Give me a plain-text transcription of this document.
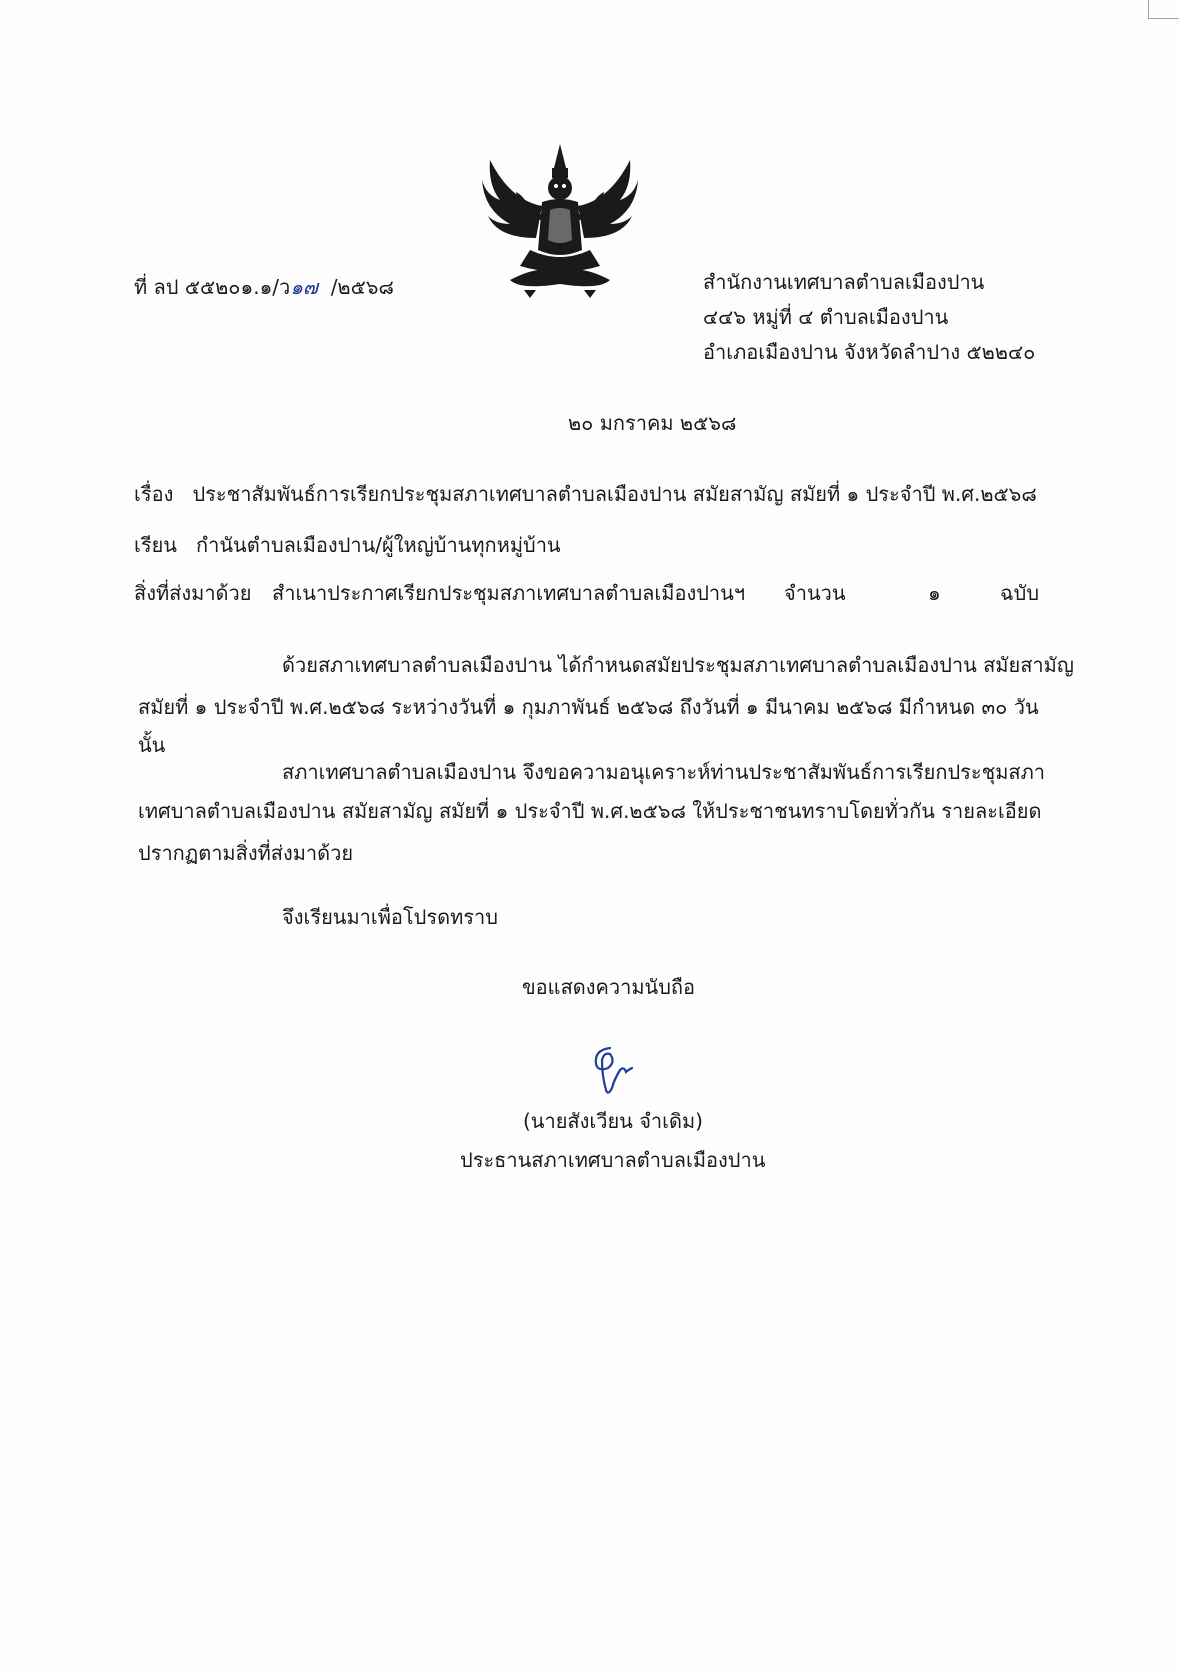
ที่ ลป ๕๕๒๐๑.๑/ว๑๗ /๒๕๖๘	สำนักงานเทศบาลตำบลเมืองปาน
๔๔๖ หมู่ที่ ๔ ตำบลเมืองปาน
อำเภอเมืองปาน จังหวัดลำปาง ๕๒๒๔๐
๒๐ มกราคม ๒๕๖๘
เรื่อง ประชาสัมพันธ์การเรียกประชุมสภาเทศบาลตำบลเมืองปาน สมัยสามัญ สมัยที่ ๑ ประจำปี พ.ศ.๒๕๖๘
เรียน กำนันตำบลเมืองปาน/ผู้ใหญ่บ้านทุกหมู่บ้าน
สิ่งที่ส่งมาด้วย สำเนาประกาศเรียกประชุมสภาเทศบาลตำบลเมืองปานฯ จำนวน	๑	ฉบับ
ด้วยสภาเทศบาลตำบลเมืองปาน ได้กำหนดสมัยประชุมสภาเทศบาลตำบลเมืองปาน สมัยสามัญ
สมัยที่ ๑ ประจำปี พ.ศ.๒๕๖๘ ระหว่างวันที่ ๑ กุมภาพันธ์ ๒๕๖๘ ถึงวันที่ ๑ มีนาคม ๒๕๖๘ มีกำหนด ๓๐ วัน
นั้น
สภาเทศบาลตำบลเมืองปาน จึงขอความอนุเคราะห์ท่านประชาสัมพันธ์การเรียกประชุมสภา
เทศบาลตำบลเมืองปาน สมัยสามัญ สมัยที่ ๑ ประจำปี พ.ศ.๒๕๖๘ ให้ประชาชนทราบโดยทั่วกัน รายละเอียด
ปรากฏตามสิ่งที่ส่งมาด้วย
จึงเรียนมาเพื่อโปรดทราบ
ขอแสดงความนับถือ
(นายสังเวียน จำเดิม)
ประธานสภาเทศบาลตำบลเมืองปาน
